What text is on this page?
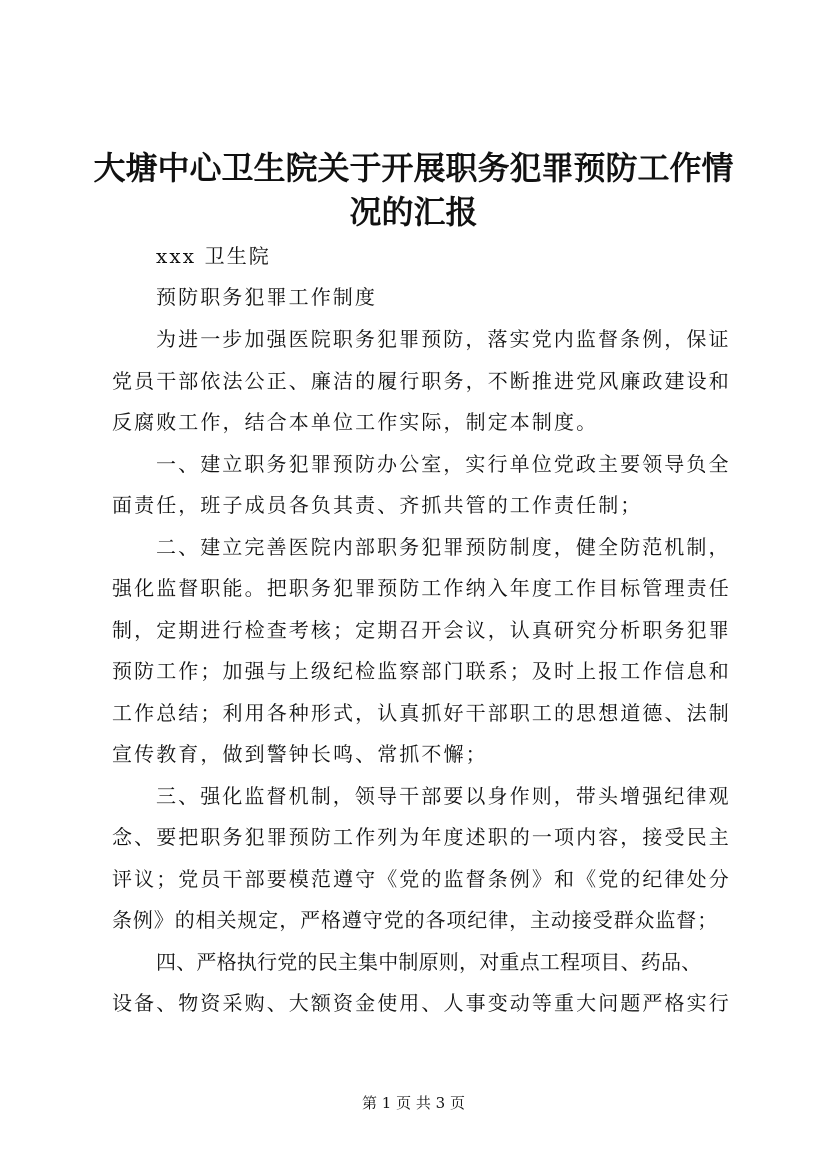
大塘中心卫生院关于开展职务犯罪预防工作情
况的汇报
xxx 卫生院
预防职务犯罪工作制度
为进一步加强医院职务犯罪预防，落实党内监督条例，保证
党员干部依法公正、廉洁的履行职务，不断推进党风廉政建设和
反腐败工作，结合本单位工作实际，制定本制度。
一、建立职务犯罪预防办公室，实行单位党政主要领导负全
面责任，班子成员各负其责、齐抓共管的工作责任制；
二、建立完善医院内部职务犯罪预防制度，健全防范机制，
强化监督职能。把职务犯罪预防工作纳入年度工作目标管理责任
制，定期进行检查考核；定期召开会议，认真研究分析职务犯罪
预防工作；加强与上级纪检监察部门联系；及时上报工作信息和
工作总结；利用各种形式，认真抓好干部职工的思想道德、法制
宣传教育，做到警钟长鸣、常抓不懈；
三、强化监督机制，领导干部要以身作则，带头增强纪律观
念、要把职务犯罪预防工作列为年度述职的一项内容，接受民主
评议；党员干部要模范遵守《党的监督条例》和《党的纪律处分
条例》的相关规定，严格遵守党的各项纪律，主动接受群众监督；
四、严格执行党的民主集中制原则，对重点工程项目、药品、
设备、物资采购、大额资金使用、人事变动等重大问题严格实行
第 1 页 共 3 页
